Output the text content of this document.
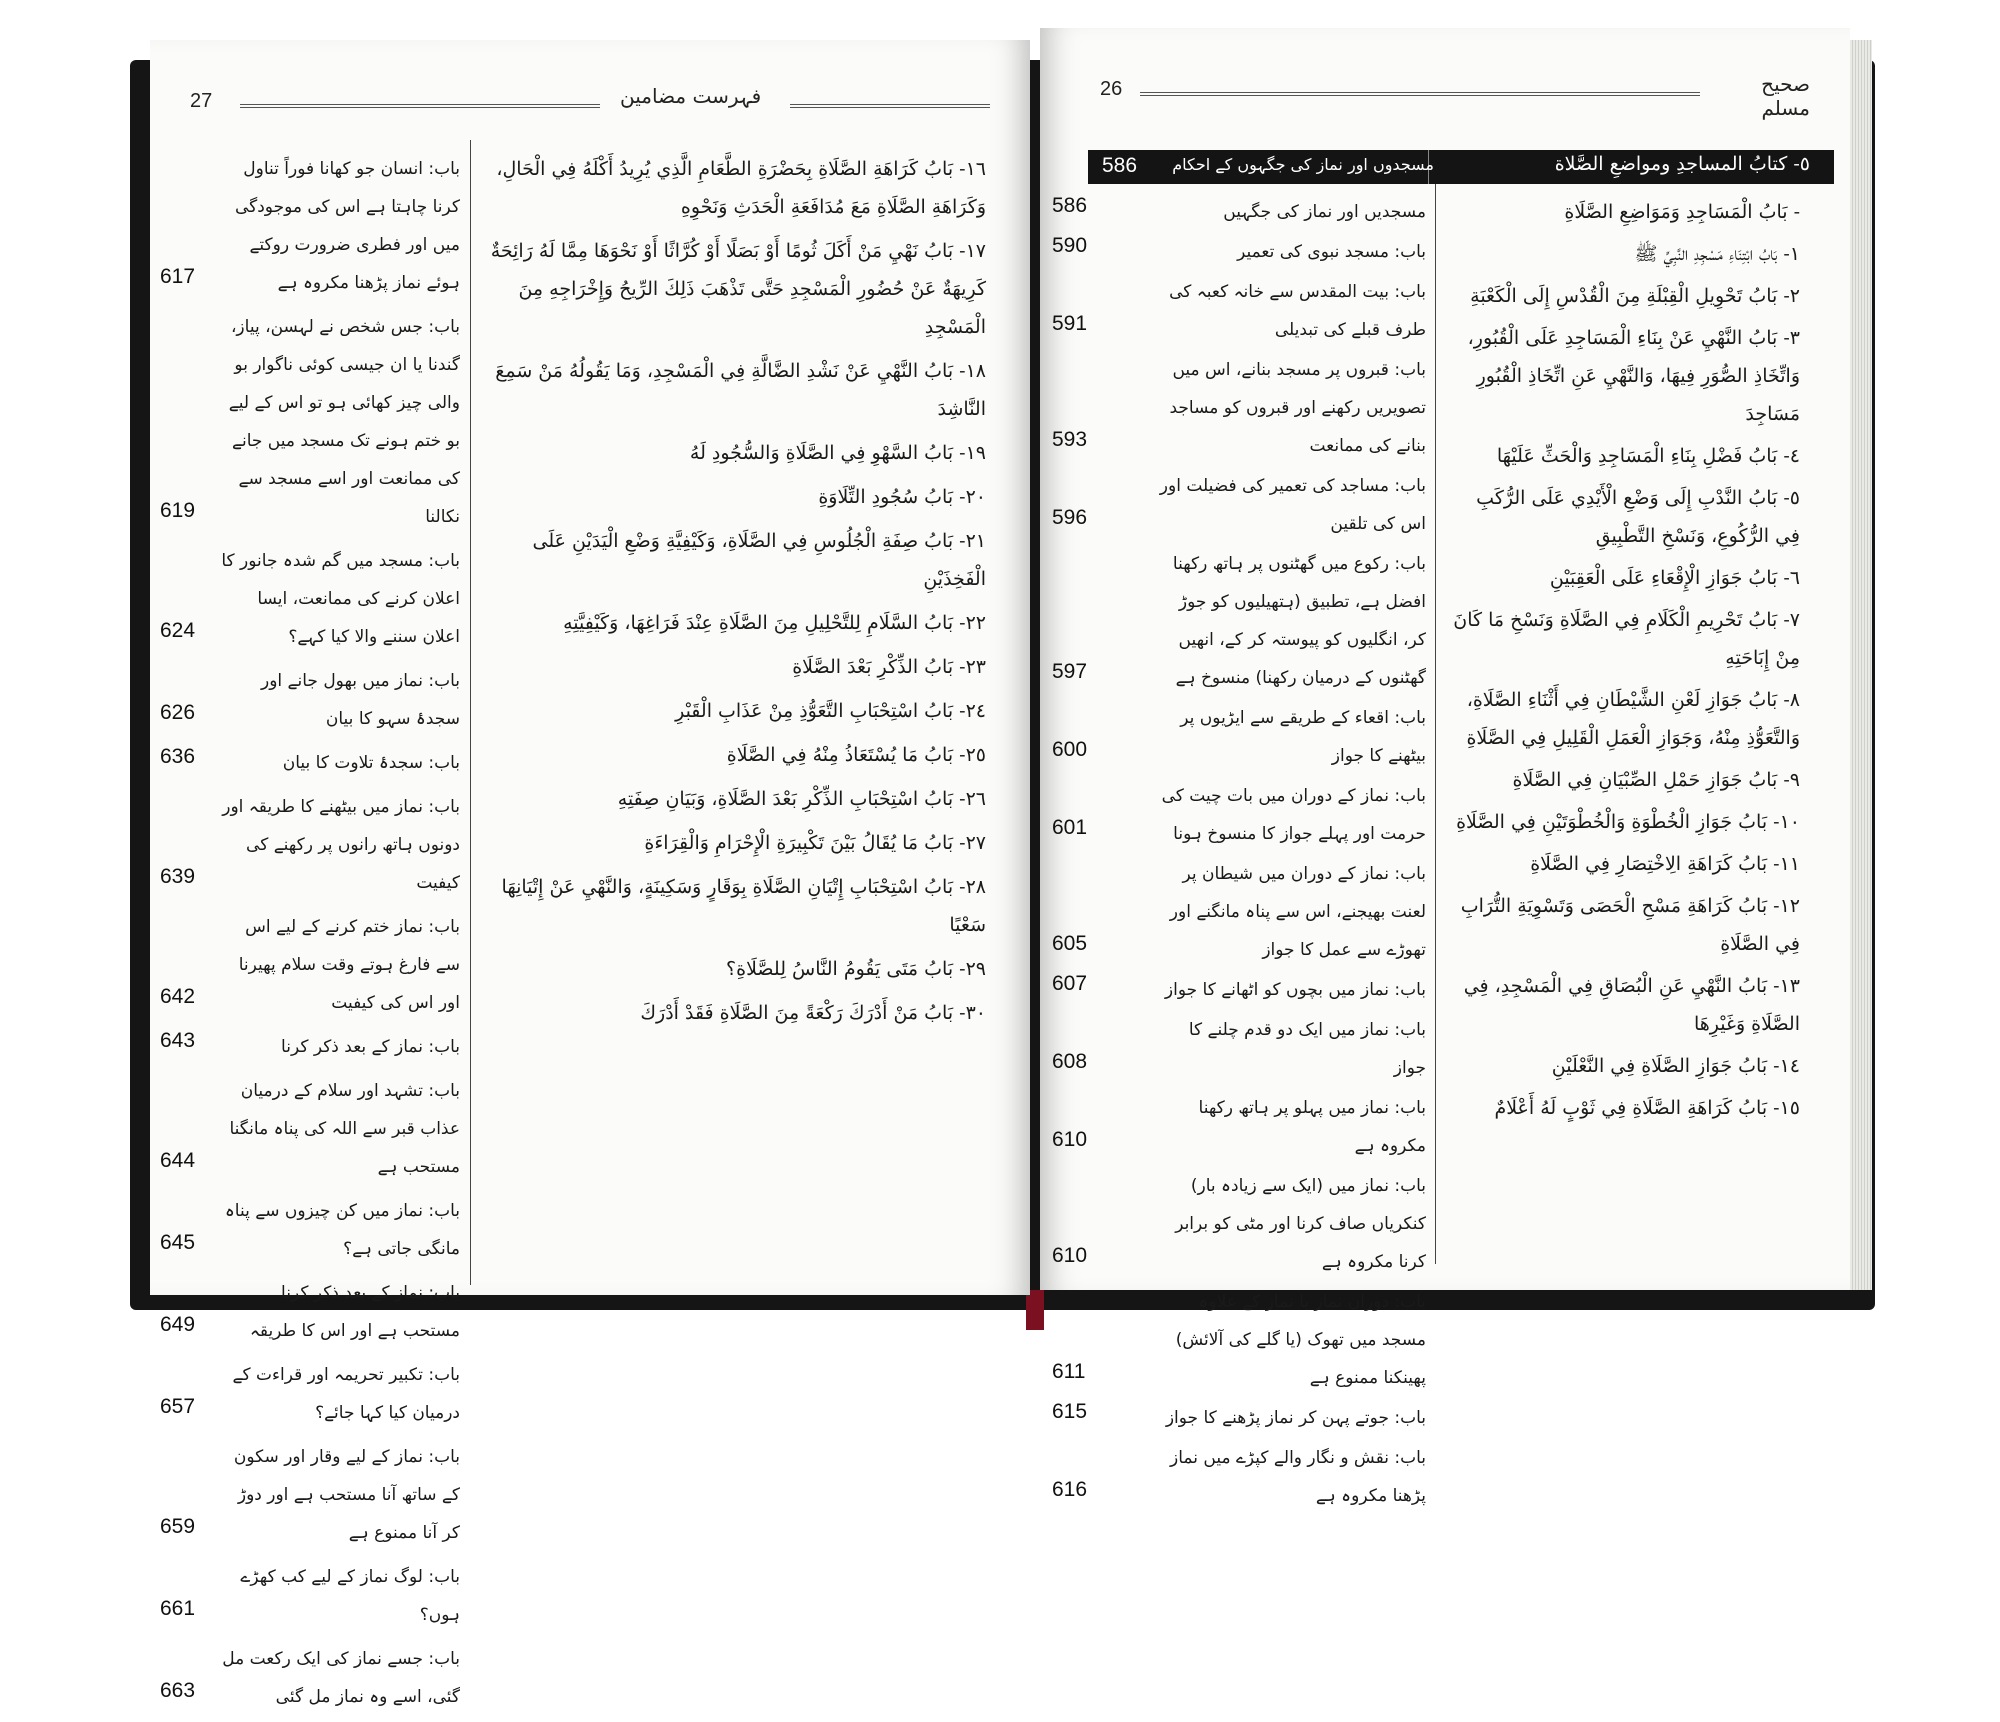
27	فہرست مضامین
١٦- بَابُ كَرَاهَةِ الصَّلَاةِ بِحَضْرَةِ الطَّعَامِ الَّذِي يُرِيدُ أَكْلَهُ فِي الْحَالِ، وَكَرَاهَةِ الصَّلَاةِ مَعَ مُدَافَعَةِ الْحَدَثِ وَنَحْوِهِ
١٧- بَابُ نَهْيِ مَنْ أَكَلَ ثُومًا أَوْ بَصَلًا أَوْ كُرَّاثًا أَوْ نَحْوَهَا مِمَّا لَهُ رَائِحَةٌ كَرِيهَةٌ عَنْ حُضُورِ الْمَسْجِدِ حَتَّى تَذْهَبَ ذَلِكَ الرِّيحُ وَإِخْرَاجِهِ مِنَ الْمَسْجِدِ
١٨- بَابُ النَّهْيِ عَنْ نَشْدِ الضَّالَّةِ فِي الْمَسْجِدِ، وَمَا يَقُولُهُ مَنْ سَمِعَ النَّاشِدَ
١٩- بَابُ السَّهْوِ فِي الصَّلَاةِ وَالسُّجُودِ لَهُ
٢٠- بَابُ سُجُودِ التِّلَاوَةِ
٢١- بَابُ صِفَةِ الْجُلُوسِ فِي الصَّلَاةِ، وَكَيْفِيَّةِ وَضْعِ الْيَدَيْنِ عَلَى الْفَخِذَيْنِ
٢٢- بَابُ السَّلَامِ لِلتَّحْلِيلِ مِنَ الصَّلَاةِ عِنْدَ فَرَاغِهَا، وَكَيْفِيَّتِهِ
٢٣- بَابُ الذِّكْرِ بَعْدَ الصَّلَاةِ
٢٤- بَابُ اسْتِحْبَابِ التَّعَوُّذِ مِنْ عَذَابِ الْقَبْرِ
٢٥- بَابُ مَا يُسْتَعَاذُ مِنْهُ فِي الصَّلَاةِ
٢٦- بَابُ اسْتِحْبَابِ الذِّكْرِ بَعْدَ الصَّلَاةِ، وَبَيَانِ صِفَتِهِ
٢٧- بَابُ مَا يُقَالُ بَيْنَ تَكْبِيرَةِ الْإِحْرَامِ وَالْقِرَاءَةِ
٢٨- بَابُ اسْتِحْبَابِ إِتْيَانِ الصَّلَاةِ بِوَقَارٍ وَسَكِينَةٍ، وَالنَّهْيِ عَنْ إِتْيَانِهَا سَعْيًا
٢٩- بَابُ مَتَى يَقُومُ النَّاسُ لِلصَّلَاةِ؟
٣٠- بَابُ مَنْ أَدْرَكَ رَكْعَةً مِنَ الصَّلَاةِ فَقَدْ أَدْرَكَ
باب: انسان جو کھانا فوراً تناول کرنا چاہتا ہے اس کی موجودگی میں اور فطری ضرورت روکتے ہوئے نماز پڑھنا مکروہ ہے
617
باب: جس شخص نے لہسن، پیاز، گندنا یا ان جیسی کوئی ناگوار بو والی چیز کھائی ہو تو اس کے لیے بو ختم ہونے تک مسجد میں جانے کی ممانعت اور اسے مسجد سے نکالنا
619
باب: مسجد میں گم شدہ جانور کا اعلان کرنے کی ممانعت، ایسا اعلان سننے والا کیا کہے؟
624
باب: نماز میں بھول جانے اور سجدۂ سہو کا بیان
626
باب: سجدۂ تلاوت کا بیان
636
باب: نماز میں بیٹھنے کا طریقہ اور دونوں ہاتھ رانوں پر رکھنے کی کیفیت
639
باب: نماز ختم کرنے کے لیے اس سے فارغ ہوتے وقت سلام پھیرنا اور اس کی کیفیت
642
باب: نماز کے بعد ذکر کرنا
643
باب: تشہد اور سلام کے درمیان عذاب قبر سے اللہ کی پناہ مانگنا مستحب ہے
644
باب: نماز میں کن چیزوں سے پناہ مانگی جاتی ہے؟
645
باب: نماز کے بعد ذکر کرنا مستحب ہے اور اس کا طریقہ
649
باب: تکبیر تحریمہ اور قراءت کے درمیان کیا کہا جائے؟
657
باب: نماز کے لیے وقار اور سکون کے ساتھ آنا مستحب ہے اور دوڑ کر آنا ممنوع ہے
659
باب: لوگ نماز کے لیے کب کھڑے ہوں؟
661
باب: جسے نماز کی ایک رکعت مل گئی، اسے وہ نماز مل گئی
663
26	صحیح مسلم
٥- كتابُ المساجدِ ومواضعِ الصَّلاة
مسجدوں اور نماز کی جگہوں کے احکام
586
- بَابُ الْمَسَاجِدِ وَمَوَاضِعِ الصَّلَاةِ
١- بَابُ ابْتِنَاءِ مَسْجِدِ النَّبِيِّ ﷺ
٢- بَابُ تَحْوِيلِ الْقِبْلَةِ مِنَ الْقُدْسِ إِلَى الْكَعْبَةِ
٣- بَابُ النَّهْيِ عَنْ بِنَاءِ الْمَسَاجِدِ عَلَى الْقُبُورِ، وَاتِّخَاذِ الصُّوَرِ فِيهَا، وَالنَّهْيِ عَنِ اتِّخَاذِ الْقُبُورِ مَسَاجِدَ
٤- بَابُ فَضْلِ بِنَاءِ الْمَسَاجِدِ وَالْحَثِّ عَلَيْهَا
٥- بَابُ النَّدْبِ إِلَى وَضْعِ الْأَيْدِي عَلَى الرُّكَبِ فِي الرُّكُوعِ، وَنَسْخِ التَّطْبِيقِ
٦- بَابُ جَوَازِ الْإِقْعَاءِ عَلَى الْعَقِبَيْنِ
٧- بَابُ تَحْرِيمِ الْكَلَامِ فِي الصَّلَاةِ وَنَسْخِ مَا كَانَ مِنْ إِبَاحَتِهِ
٨- بَابُ جَوَازِ لَعْنِ الشَّيْطَانِ فِي أَثْنَاءِ الصَّلَاةِ، وَالتَّعَوُّذِ مِنْهُ، وَجَوَازِ الْعَمَلِ الْقَلِيلِ فِي الصَّلَاةِ
٩- بَابُ جَوَازِ حَمْلِ الصِّبْيَانِ فِي الصَّلَاةِ
١٠- بَابُ جَوَازِ الْخُطْوَةِ وَالْخُطْوَتَيْنِ فِي الصَّلَاةِ
١١- بَابُ كَرَاهَةِ الِاخْتِصَارِ فِي الصَّلَاةِ
١٢- بَابُ كَرَاهَةِ مَسْحِ الْحَصَى وَتَسْوِيَةِ التُّرَابِ فِي الصَّلَاةِ
١٣- بَابُ النَّهْيِ عَنِ الْبُصَاقِ فِي الْمَسْجِدِ، فِي الصَّلَاةِ وَغَيْرِهَا
١٤- بَابُ جَوَازِ الصَّلَاةِ فِي النَّعْلَيْنِ
١٥- بَابُ كَرَاهَةِ الصَّلَاةِ فِي ثَوْبٍ لَهُ أَعْلَامٌ
مسجدیں اور نماز کی جگہیں
586
باب: مسجد نبوی کی تعمیر
590
باب: بیت المقدس سے خانہ کعبہ کی طرف قبلے کی تبدیلی
591
باب: قبروں پر مسجد بنانے، اس میں تصویریں رکھنے اور قبروں کو مساجد بنانے کی ممانعت
593
باب: مساجد کی تعمیر کی فضیلت اور اس کی تلقین
596
باب: رکوع میں گھٹنوں پر ہاتھ رکھنا افضل ہے، تطبیق (ہتھیلیوں کو جوڑ کر، انگلیوں کو پیوستہ کر کے، انھیں گھٹنوں کے درمیان رکھنا) منسوخ ہے
597
باب: اقعاء کے طریقے سے ایڑیوں پر بیٹھنے کا جواز
600
باب: نماز کے دوران میں بات چیت کی حرمت اور پہلے جواز کا منسوخ ہونا
601
باب: نماز کے دوران میں شیطان پر لعنت بھیجنے، اس سے پناہ مانگنے اور تھوڑے سے عمل کا جواز
605
باب: نماز میں بچوں کو اٹھانے کا جواز
607
باب: نماز میں ایک دو قدم چلنے کا جواز
608
باب: نماز میں پہلو پر ہاتھ رکھنا مکروہ ہے
610
باب: نماز میں (ایک سے زیادہ بار) کنکریاں صاف کرنا اور مٹی کو برابر کرنا مکروہ ہے
610
باب: دوران نماز یا نماز کے علاوہ مسجد میں تھوک (یا گلے کی آلائش) پھینکنا ممنوع ہے
611
باب: جوتے پہن کر نماز پڑھنے کا جواز
615
باب: نقش و نگار والے کپڑے میں نماز پڑھنا مکروہ ہے
616
